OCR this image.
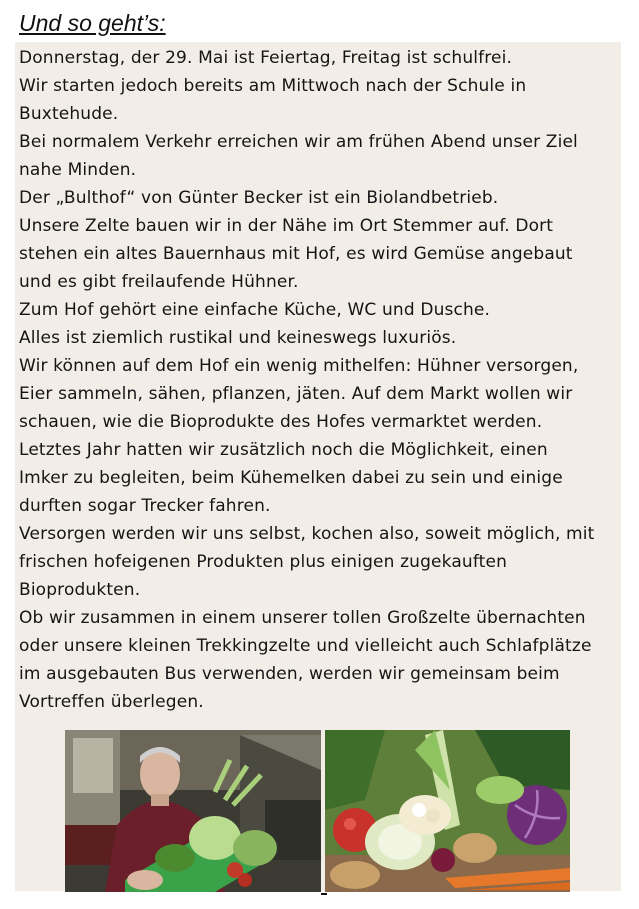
Und so geht’s:
Donnerstag, der 29. Mai ist Feiertag, Freitag ist schulfrei.
Wir starten jedoch bereits am Mittwoch nach der Schule in
Buxtehude.
Bei normalem Verkehr erreichen wir am frühen Abend unser Ziel
nahe Minden.
Der „Bulthof“ von Günter Becker ist ein Biolandbetrieb.
Unsere Zelte bauen wir in der Nähe im Ort Stemmer auf. Dort
stehen ein altes Bauernhaus mit Hof, es wird Gemüse angebaut
und es gibt freilaufende Hühner.
Zum Hof gehört eine einfache Küche, WC und Dusche.
Alles ist ziemlich rustikal und keineswegs luxuriös.
Wir können auf dem Hof ein wenig mithelfen: Hühner versorgen,
Eier sammeln, sähen, pflanzen, jäten. Auf dem Markt wollen wir
schauen, wie die Bioprodukte des Hofes vermarktet werden.
Letztes Jahr hatten wir zusätzlich noch die Möglichkeit, einen
Imker zu begleiten, beim Kühemelken dabei zu sein und einige
durften sogar Trecker fahren.
Versorgen werden wir uns selbst, kochen also, soweit möglich, mit
frischen hofeigenen Produkten plus einigen zugekauften
Bioprodukten.
Ob wir zusammen in einem unserer tollen Großzelte übernachten
oder unsere kleinen Trekkingzelte und vielleicht auch Schlafplätze
im ausgebauten Bus verwenden, werden wir gemeinsam beim
Vortreffen überlegen.
